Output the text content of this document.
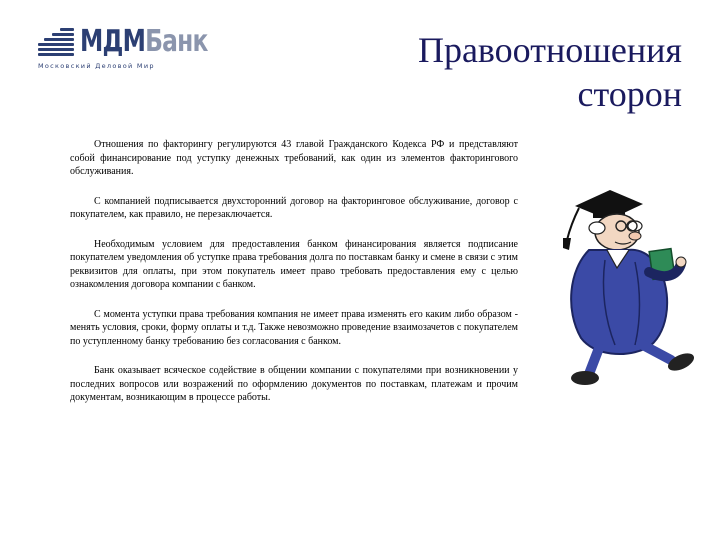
МДМБанк
Московский Деловой Мир	Правоотношения
сторон

Отношения по факторингу регулируются 43 главой Гражданского Кодекса РФ и представляют собой финансирование под уступку денежных требований, как один из элементов факторингового обслуживания.

С компанией подписывается двухсторонний договор на факторинговое обслуживание, договор с покупателем, как правило, не перезаключается.

Необходимым условием для предоставления банком финансирования является подписание покупателем уведомления об уступке права требования долга по поставкам банку и смене в связи с этим реквизитов для оплаты, при этом покупатель имеет право требовать предоставления ему с целью ознакомления договора компании с банком.

С момента уступки права требования компания не имеет права изменять его каким либо образом - менять условия, сроки, форму оплаты и т.д. Также невозможно проведение взаимозачетов с покупателем по уступленному банку требованию без согласования с банком.

Банк оказывает всяческое содействие в общении компании с покупателями при возникновении у последних вопросов или возражений по оформлению документов по поставкам, платежам и прочим документам, возникающим в процессе работы.
